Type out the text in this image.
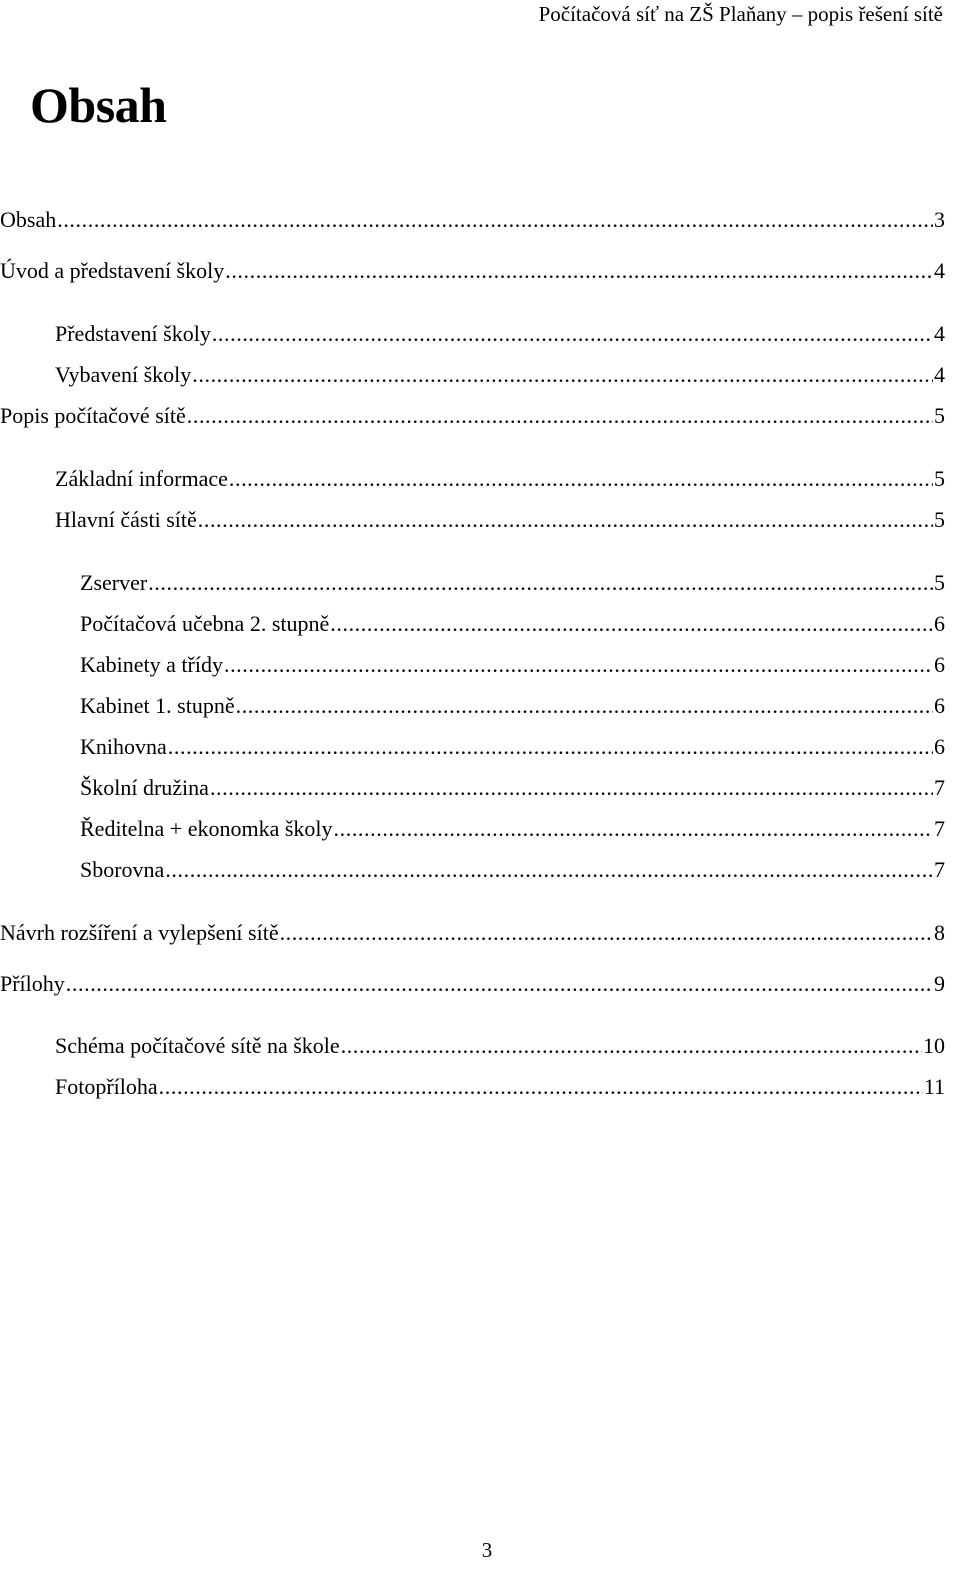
Počítačová síť na ZŠ Plaňany – popis řešení sítě
Obsah
Obsah .....	3
Úvod a představení školy .....	4
Představení školy .....	4
Vybavení školy .....	4
Popis počítačové sítě .....	5
Základní informace .....	5
Hlavní části sítě .....	5
Zserver .....	5
Počítačová učebna 2. stupně .....	6
Kabinety a třídy .....	6
Kabinet 1. stupně .....	6
Knihovna .....	6
Školní družina .....	7
Ředitelna + ekonomka školy .....	7
Sborovna .....	7
Návrh rozšíření a vylepšení sítě .....	8
Přílohy .....	9
Schéma počítačové sítě na škole .....	10
Fotopříloha .....	11
3
